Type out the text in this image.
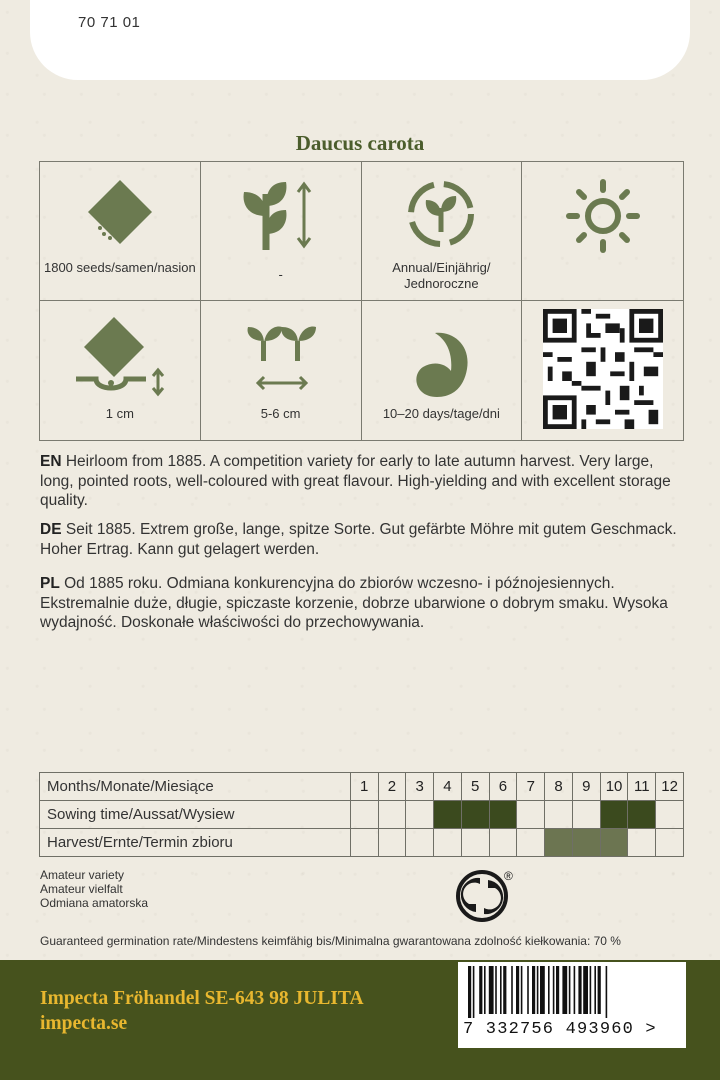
70 71 01
Daucus carota
1800 seeds/samen/nasion	-	Annual/Einjährig/ Jednoroczne
1 cm	5-6 cm	10–20 days/tage/dni
EN Heirloom from 1885. A competition variety for early to late autumn harvest. Very large, long, pointed roots, well-coloured with great flavour. High-yielding and with excellent storage quality.
DE Seit 1885. Extrem große, lange, spitze Sorte. Gut gefärbte Möhre mit gutem Geschmack. Hoher Ertrag. Kann gut gelagert werden.
PL Od 1885 roku. Odmiana konkurencyjna do zbiorów wczesno- i późnojesiennych. Ekstremalnie duże, długie, spiczaste korzenie, dobrze ubarwione o dobrym smaku. Wysoka wydajność. Doskonałe właściwości do przechowywania.
Months/Monate/Miesiące	1	2	3	4	5	6	7	8	9	10	11	12
Sowing time/Aussat/Wysiew												
Harvest/Ernte/Termin zbioru												
Amateur variety
Amateur vielfalt
Odmiana amatorska
®
Guaranteed germination rate/Mindestens keimfähig bis/Minimalna gwarantowana zdolność kiełkowania: 70 %
Impecta Fröhandel SE-643 98 JULITA
impecta.se	7 332756 493960 >
